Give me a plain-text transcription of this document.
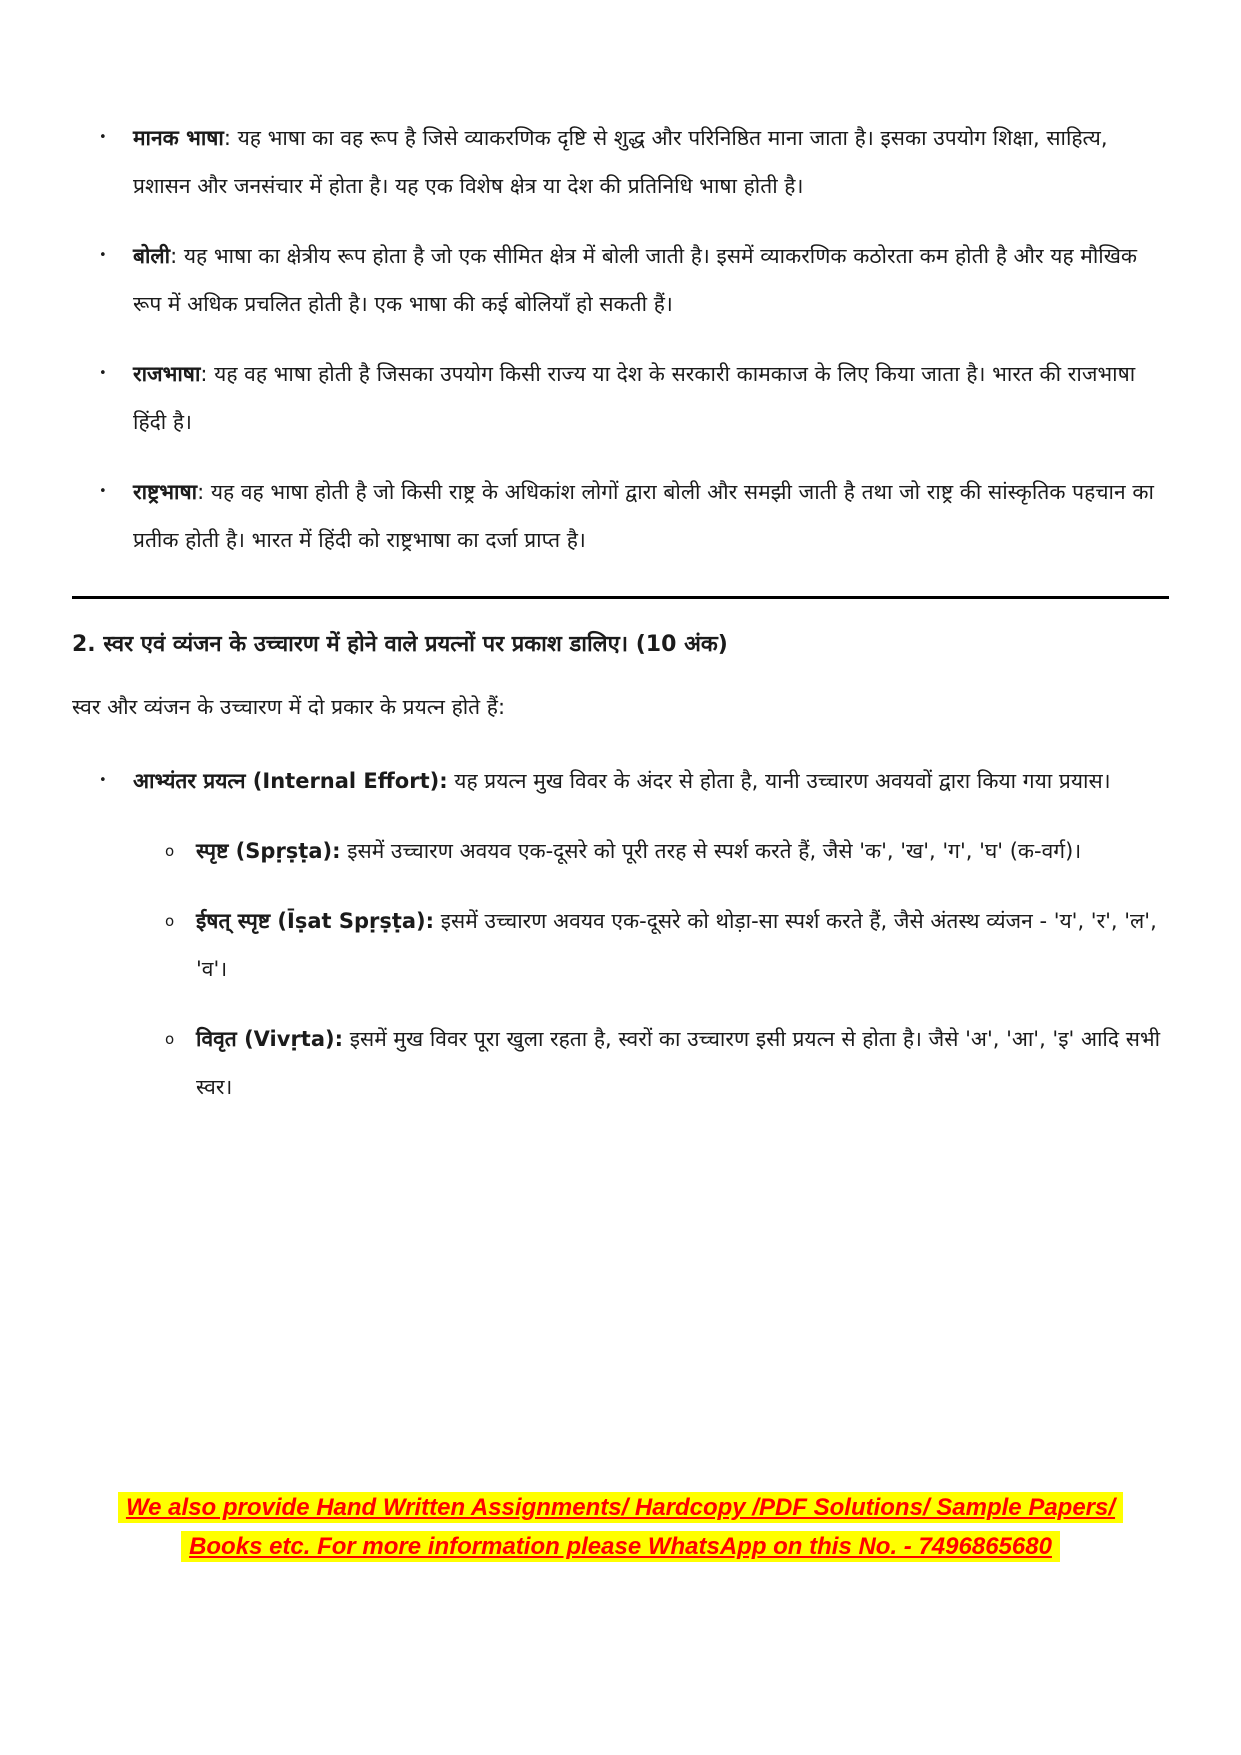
•	मानक भाषा: यह भाषा का वह रूप है जिसे व्याकरणिक दृष्टि से शुद्ध और परिनिष्ठित माना जाता है। इसका उपयोग शिक्षा, साहित्य, प्रशासन और जनसंचार में होता है। यह एक विशेष क्षेत्र या देश की प्रतिनिधि भाषा होती है।
•	बोली: यह भाषा का क्षेत्रीय रूप होता है जो एक सीमित क्षेत्र में बोली जाती है। इसमें व्याकरणिक कठोरता कम होती है और यह मौखिक रूप में अधिक प्रचलित होती है। एक भाषा की कई बोलियाँ हो सकती हैं।
•	राजभाषा: यह वह भाषा होती है जिसका उपयोग किसी राज्य या देश के सरकारी कामकाज के लिए किया जाता है। भारत की राजभाषा हिंदी है।
•	राष्ट्रभाषा: यह वह भाषा होती है जो किसी राष्ट्र के अधिकांश लोगों द्वारा बोली और समझी जाती है तथा जो राष्ट्र की सांस्कृतिक पहचान का प्रतीक होती है। भारत में हिंदी को राष्ट्रभाषा का दर्जा प्राप्त है।
2. स्वर एवं व्यंजन के उच्चारण में होने वाले प्रयत्नों पर प्रकाश डालिए। (10 अंक)

स्वर और व्यंजन के उच्चारण में दो प्रकार के प्रयत्न होते हैं:

•	आभ्यंतर प्रयत्न (Internal Effort): यह प्रयत्न मुख विवर के अंदर से होता है, यानी उच्चारण अवयवों द्वारा किया गया प्रयास।
o	स्पृष्ट (Spṛṣṭa): इसमें उच्चारण अवयव एक-दूसरे को पूरी तरह से स्पर्श करते हैं, जैसे 'क', 'ख', 'ग', 'घ' (क-वर्ग)।
o	ईषत् स्पृष्ट (Īṣat Spṛṣṭa): इसमें उच्चारण अवयव एक-दूसरे को थोड़ा-सा स्पर्श करते हैं, जैसे अंतस्थ व्यंजन - 'य', 'र', 'ल', 'व'।
o	विवृत (Vivṛta): इसमें मुख विवर पूरा खुला रहता है, स्वरों का उच्चारण इसी प्रयत्न से होता है। जैसे 'अ', 'आ', 'इ' आदि सभी स्वर।
We also provide Hand Written Assignments/ Hardcopy /PDF Solutions/ Sample Papers/
Books etc. For more information please WhatsApp on this No. - 7496865680
